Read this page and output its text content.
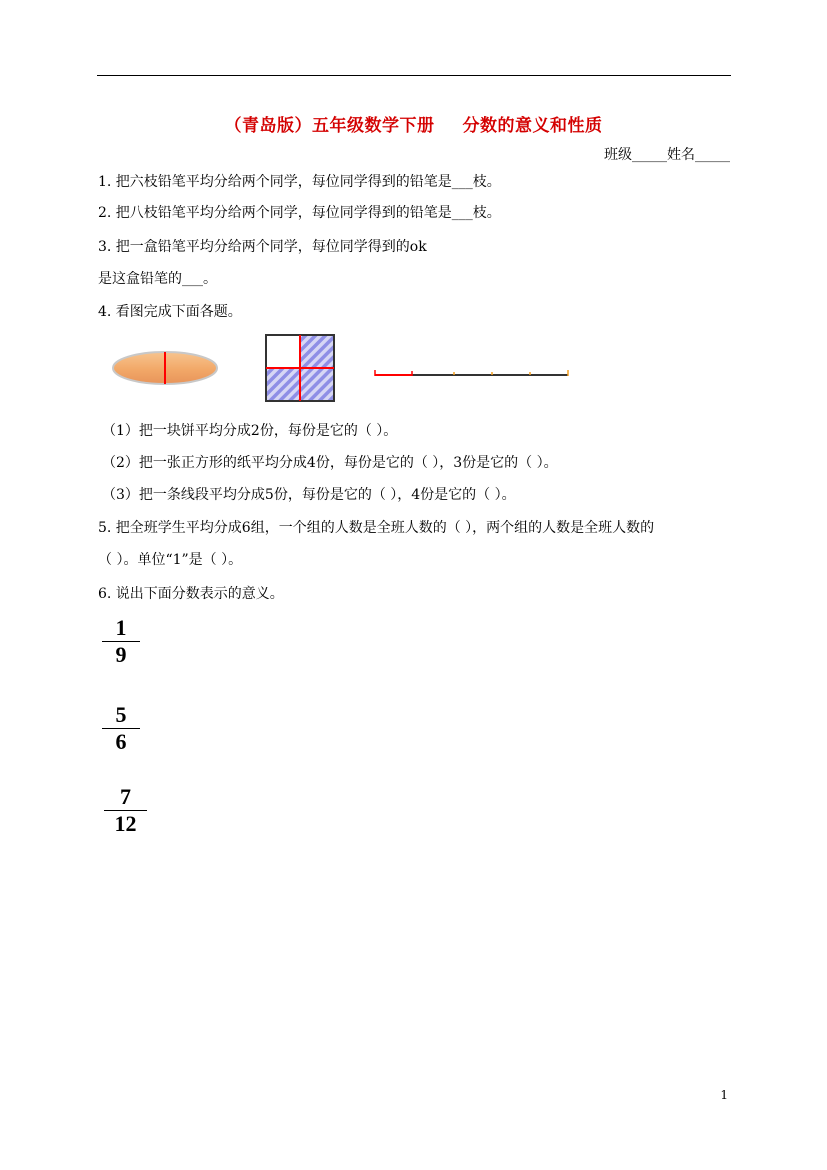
（青岛版）五年级数学下册 分数的意义和性质
班级_____姓名_____
1. 把六枝铅笔平均分给两个同学，每位同学得到的铅笔是___枝。
2. 把八枝铅笔平均分给两个同学，每位同学得到的铅笔是___枝。
3. 把一盒铅笔平均分给两个同学，每位同学得到的ok
是这盒铅笔的___。
4. 看图完成下面各题。
（1）把一块饼平均分成2份，每份是它的（ ）。
（2）把一张正方形的纸平均分成4份，每份是它的（ ），3份是它的（ ）。
（3）把一条线段平均分成5份，每份是它的（ ），4份是它的（ ）。
5. 把全班学生平均分成6组，一个组的人数是全班人数的（ ），两个组的人数是全班人数的
（ ）。单位“1”是（ ）。
6. 说出下面分数表示的意义。
1
9
5
6
7
12
1
